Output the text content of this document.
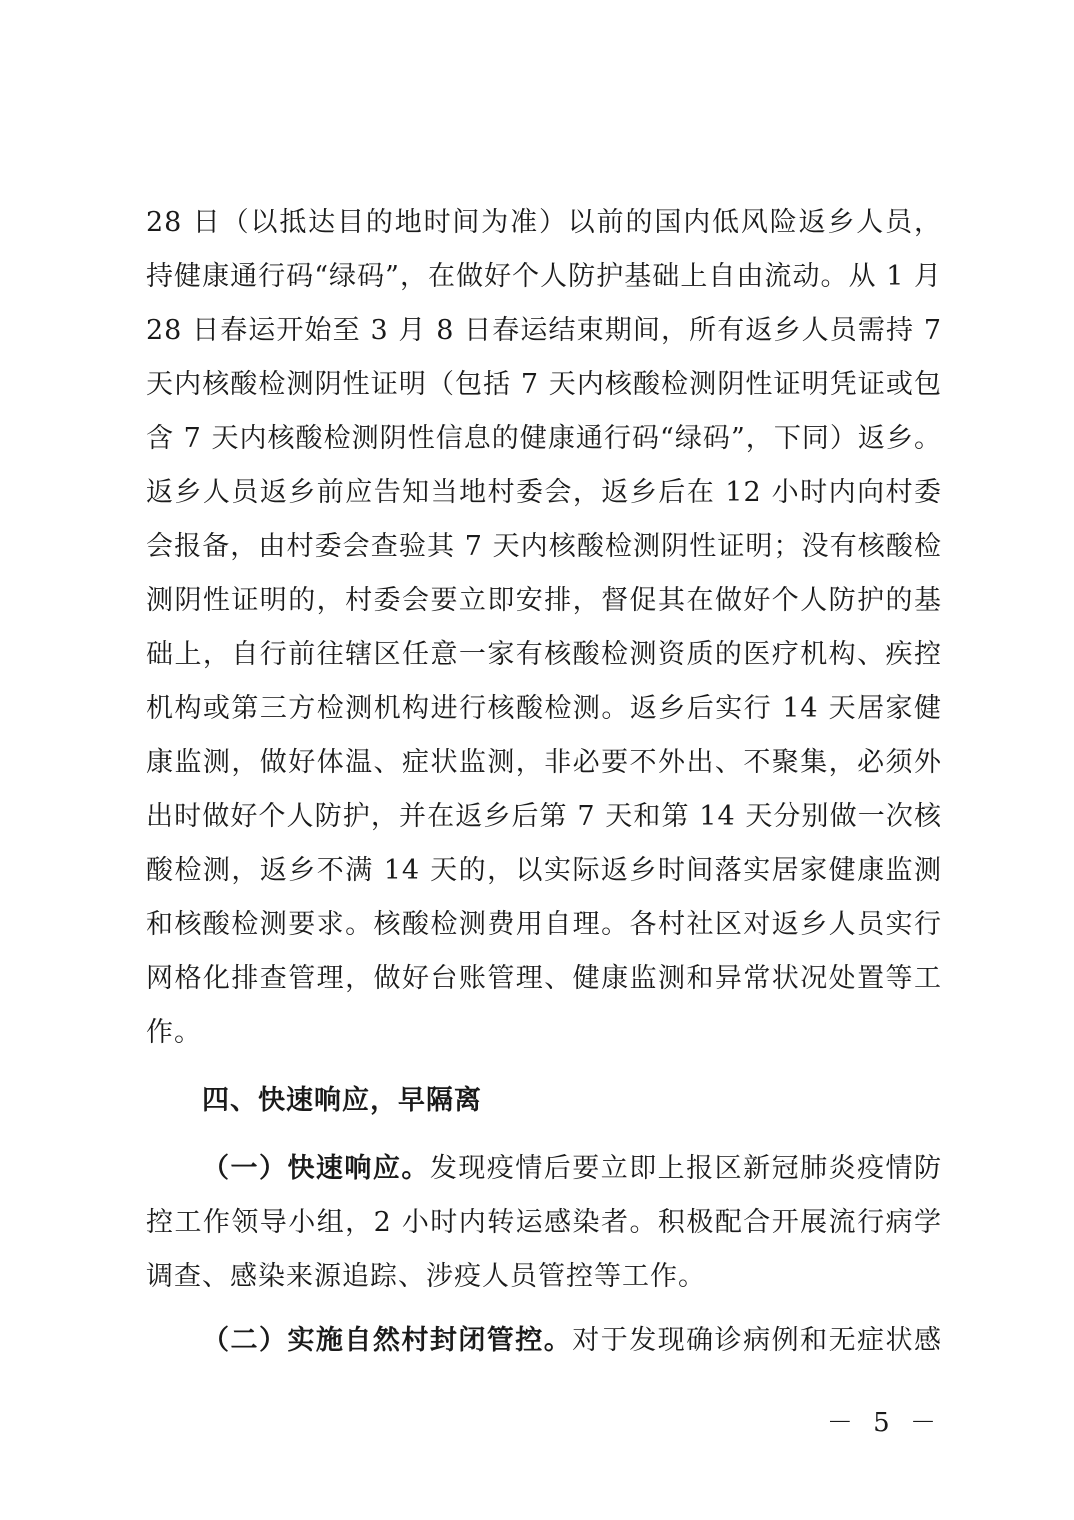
28 日（以抵达目的地时间为准）以前的国内低风险返乡人员，
持健康通行码“绿码”，在做好个人防护基础上自由流动。从 1 月
28 日春运开始至 3 月 8 日春运结束期间，所有返乡人员需持 7
天内核酸检测阴性证明（包括 7 天内核酸检测阴性证明凭证或包
含 7 天内核酸检测阴性信息的健康通行码“绿码”，下同）返乡。
返乡人员返乡前应告知当地村委会，返乡后在 12 小时内向村委
会报备，由村委会查验其 7 天内核酸检测阴性证明；没有核酸检
测阴性证明的，村委会要立即安排，督促其在做好个人防护的基
础上，自行前往辖区任意一家有核酸检测资质的医疗机构、疾控
机构或第三方检测机构进行核酸检测。返乡后实行 14 天居家健
康监测，做好体温、症状监测，非必要不外出、不聚集，必须外
出时做好个人防护，并在返乡后第 7 天和第 14 天分别做一次核
酸检测，返乡不满 14 天的，以实际返乡时间落实居家健康监测
和核酸检测要求。核酸检测费用自理。各村社区对返乡人员实行
网格化排查管理，做好台账管理、健康监测和异常状况处置等工
作。
四、快速响应，早隔离
（一）快速响应。发现疫情后要立即上报区新冠肺炎疫情防
控工作领导小组，2 小时内转运感染者。积极配合开展流行病学
调查、感染来源追踪、涉疫人员管控等工作。
（二）实施自然村封闭管控。对于发现确诊病例和无症状感
－ 5 －
